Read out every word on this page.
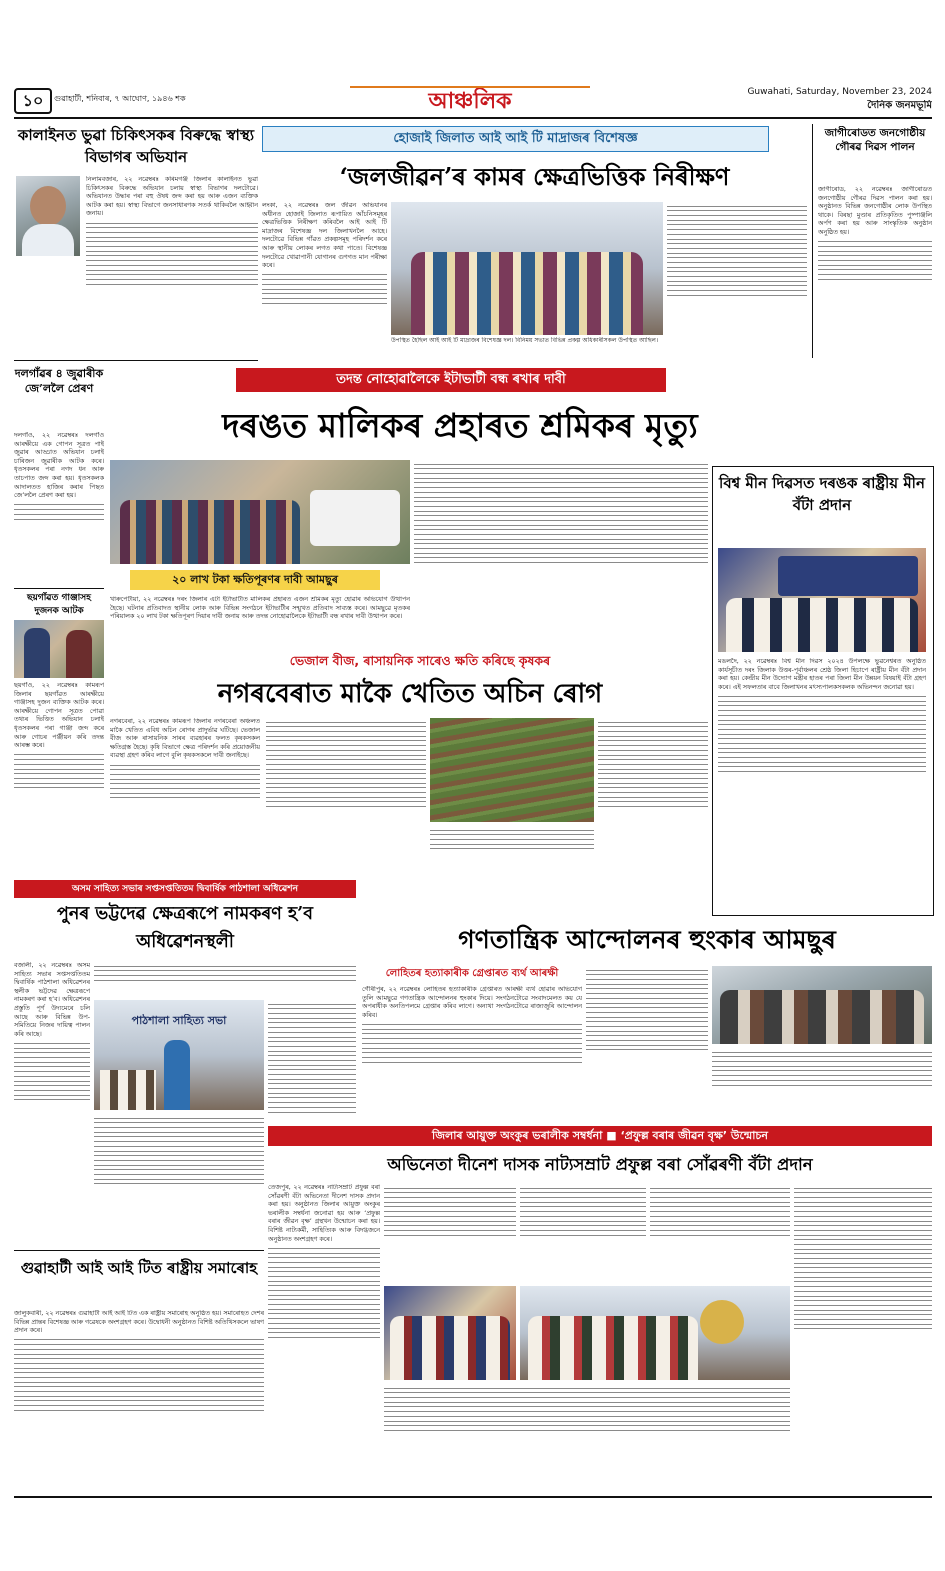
১০	গুৱাহাটী, শনিবাৰ, ৭ আঘোণ, ১৯৪৬ শক	আঞ্চলিক	Guwahati, Saturday, November 23, 2024
দৈনিক জনমভূমি
কালাইনত ভুৱা চিকিৎসকৰ বিৰুদ্ধে স্বাস্থ্য বিভাগৰ অভিযান
নিলামবজাৰ, ২২ নৱেম্বৰঃ কৰিমগঞ্জ জিলাৰ কালাইনত ভুৱা চিকিৎসকৰ বিৰুদ্ধে অভিযান চলায় স্বাস্থ্য বিভাগৰ দলটোৱে। অভিযানত উদ্ধাৰ পৰা বহু ঔষধ জব্দ কৰা হয় আৰু এজন ব্যক্তিক আটক কৰা হয়। স্বাস্থ্য বিভাগে জনসাধাৰণক সতৰ্ক থাকিবলৈ আহ্বান জনায়।
দলগাঁৱৰ ৪ জুৱাৰীক জে’ললৈ প্ৰেৰণ
দলগাঁও, ২২ নৱেম্বৰঃ দলগাঁও আৰক্ষীয়ে এক গোপন সূত্ৰত পাই জুৱাৰ আড্ডাত অভিযান চলাই চাৰিজন জুৱাৰীক আটক কৰে। ধৃতসকলৰ পৰা নগদ ধন আৰু তাচপাত জব্দ কৰা হয়। ধৃতসকলক আদালতত হাজিৰ কৰাৰ পিছত জে’ললৈ প্ৰেৰণ কৰা হয়।
ছয়গাঁৱত গাঞ্জাসহ দুজনক আটক
ছয়গাঁও, ২২ নৱেম্বৰঃ কামৰূপ জিলাৰ ছয়গাঁৱত আৰক্ষীয়ে গাঞ্জাসহ দুজন ব্যক্তিক আটক কৰে। আৰক্ষীয়ে গোপন সূত্ৰত পোৱা তথ্যৰ ভিত্তিত অভিযান চলাই ধৃতসকলৰ পৰা গাঞ্জা জব্দ কৰে আৰু গোচৰ পঞ্জীয়ন কৰি তদন্ত আৰম্ভ কৰে।
হোজাই জিলাত আই আই টি মাদ্ৰাজৰ বিশেষজ্ঞ
‘জলজীৱন’ৰ কামৰ ক্ষেত্ৰভিত্তিক নিৰীক্ষণ
লংকা, ২২ নৱেম্বৰঃ জল জীৱন অভিযানৰ অধীনত হোজাই জিলাত ৰূপায়িত আঁচনিসমূহৰ ক্ষেত্ৰভিত্তিক নিৰীক্ষণ কৰিবলৈ আই আই টি মাদ্ৰাজৰ বিশেষজ্ঞ দল জিলাখনলৈ আহে। দলটোৱে বিভিন্ন গাঁৱত প্ৰকল্পসমূহ পৰিদৰ্শন কৰে আৰু স্থানীয় লোকৰ লগত কথা পাতে। বিশেষজ্ঞ দলটোৱে খোৱাপানী যোগানৰ গুণগত মান পৰীক্ষা কৰে।
উপস্থিত হৈছিল আই আই টি মাদ্ৰাজৰ বিশেষজ্ঞ দল। বিনিময় সভাত বিভিন্ন প্ৰকল্প অধিকাৰীসকল উপস্থিত আছিল।
জাগীৰোডত জনগোষ্ঠীয় গৌৰৱ দিৱস পালন
জাগীৰোড, ২২ নৱেম্বৰঃ জাগীৰোডত জনগোষ্ঠীয় গৌৰৱ দিৱস পালন কৰা হয়। অনুষ্ঠানত বিভিন্ন জনগোষ্ঠীৰ লোক উপস্থিত থাকে। বিৰছা মুণ্ডাৰ প্ৰতিকৃতিত পুষ্পাঞ্জলি অৰ্পণ কৰা হয় আৰু সাংস্কৃতিক অনুষ্ঠান অনুষ্ঠিত হয়।
তদন্ত নোহোৱালৈকে ইটাভাটী বন্ধ ৰখাৰ দাবী
দৰঙত মালিকৰ প্ৰহাৰত শ্ৰমিকৰ মৃত্যু
২০ লাখ টকা ক্ষতিপূৰণৰ দাবী আমছুৰ
খাৰুপেটীয়া, ২২ নৱেম্বৰঃ দৰং জিলাৰ এটা ইটাভাটীত মালিকৰ প্ৰহাৰত এজন শ্ৰমিকৰ মৃত্যু হোৱাৰ অভিযোগ উত্থাপন হৈছে। ঘটনাৰ প্ৰতিবাদত স্থানীয় লোক আৰু বিভিন্ন সংগঠনে ইটাভাটীৰ সন্মুখত প্ৰতিবাদ সাব্যস্ত কৰে। আমছুৱে মৃতকৰ পৰিয়ালক ২০ লাখ টকা ক্ষতিপূৰণ দিয়াৰ দাবী জনায় আৰু তদন্ত নোহোৱালৈকে ইটাভাটী বন্ধ ৰখাৰ দাবী উত্থাপন কৰে।
বিশ্ব মীন দিৱসত দৰঙক ৰাষ্ট্ৰীয় মীন বঁটা প্ৰদান
মঙলদৈ, ২২ নৱেম্বৰঃ বিশ্ব মীন দিৱস ২০২৪ উপলক্ষে ভুৱনেশ্বৰত অনুষ্ঠিত কাৰ্যসূচীত দৰং জিলাক উত্তৰ-পূৰ্বাঞ্চলৰ শ্ৰেষ্ঠ জিলা হিচাপে ৰাষ্ট্ৰীয় মীন বঁটা প্ৰদান কৰা হয়। কেন্দ্ৰীয় মীন উদ্যোগ মন্ত্ৰীৰ হাতৰ পৰা জিলা মীন উন্নয়ন বিষয়াই বঁটা গ্ৰহণ কৰে। এই সফলতাৰ বাবে জিলাখনৰ মৎস্যপালকসকলক অভিনন্দন জনোৱা হয়।
ভেজাল বীজ, ৰাসায়নিক সাৰেও ক্ষতি কৰিছে কৃষকৰ
নগৰবেৰাত মাকৈ খেতিত অচিন ৰোগ
নগৰবেৰা, ২২ নৱেম্বৰঃ কামৰূপ জিলাৰ নগৰবেৰা অঞ্চলত মাকৈ খেতিত এবিধ অচিন ৰোগৰ প্ৰাদুৰ্ভাৱ ঘটিছে। ভেজাল বীজ আৰু ৰাসায়নিক সাৰৰ ব্যৱহাৰৰ ফলত কৃষকসকল ক্ষতিগ্ৰস্ত হৈছে। কৃষি বিভাগে ক্ষেত্ৰ পৰিদৰ্শন কৰি প্ৰয়োজনীয় ব্যৱস্থা গ্ৰহণ কৰিব লাগে বুলি কৃষকসকলে দাবী জনাইছে।
অসম সাহিত্য সভাৰ সপ্তসপ্ততিতম দ্বিবাৰ্ষিক পাঠশালা অধিৱেশন
পুনৰ ভট্টদেৱ ক্ষেত্ৰৰূপে নামকৰণ হ’ব অধিৱেশনস্থলী
বজালী, ২২ নৱেম্বৰঃ অসম সাহিত্য সভাৰ সপ্তসপ্ততিতম দ্বিবাৰ্ষিক পাঠশালা অধিৱেশনৰ স্থলীক ভট্টদেৱ ক্ষেত্ৰৰূপে নামকৰণ কৰা হ’ব। অধিৱেশনৰ প্ৰস্তুতি পূৰ্ণ উদ্যমেৰে চলি আছে আৰু বিভিন্ন উপ-সমিতিয়ে নিজৰ দায়িত্ব পালন কৰি আছে।
পাঠশালা সাহিত্য সভা
গণতান্ত্ৰিক আন্দোলনৰ হুংকাৰ আমছুৰ
লোহিতৰ হত্যাকাৰীক গ্ৰেপ্তাৰত ব্যৰ্থ আৰক্ষী
গৌৰীপুৰ, ২২ নৱেম্বৰঃ লোহিতৰ হত্যাকাৰীক গ্ৰেপ্তাৰত আৰক্ষী ব্যৰ্থ হোৱাৰ অভিযোগ তুলি আমছুৱে গণতান্ত্ৰিক আন্দোলনৰ হুংকাৰ দিয়ে। সংগঠনটোৱে সংবাদমেলত কয় যে অপৰাধীক অনতিপলমে গ্ৰেপ্তাৰ কৰিব লাগে। অন্যথা সংগঠনটোৱে ৰাজ্যজুৰি আন্দোলন কৰিব।
গুৱাহাটী আই আই টিত ৰাষ্ট্ৰীয় সমাৰোহ
জালুকবাৰী, ২২ নৱেম্বৰঃ গুৱাহাটী আই আই টিত এক ৰাষ্ট্ৰীয় সমাৰোহ অনুষ্ঠিত হয়। সমাৰোহত দেশৰ বিভিন্ন প্ৰান্তৰ বিশেষজ্ঞ আৰু গৱেষকে অংশগ্ৰহণ কৰে। উদ্বোধনী অনুষ্ঠানত বিশিষ্ট অতিথিসকলে ভাষণ প্ৰদান কৰে।
জিলাৰ আয়ুক্ত অংকুৰ ভৰালীক সম্বৰ্ধনা ■ ‘প্ৰফুল্ল বৰাৰ জীৱন বৃক্ষ’ উন্মোচন
অভিনেতা দীনেশ দাসক নাট্যসম্ৰাট প্ৰফুল্ল বৰা সোঁৱৰণী বঁটা প্ৰদান
তেজপুৰ, ২২ নৱেম্বৰঃ নাট্যসম্ৰাট প্ৰফুল্ল বৰা সোঁৱৰণী বঁটা অভিনেতা দীনেশ দাসক প্ৰদান কৰা হয়। অনুষ্ঠানত জিলাৰ আয়ুক্ত অংকুৰ ভৰালীক সম্বৰ্ধনা জনোৱা হয় আৰু ‘প্ৰফুল্ল বৰাৰ জীৱন বৃক্ষ’ গ্ৰন্থখন উন্মোচন কৰা হয়। বিশিষ্ট নাট্যকৰ্মী, সাহিত্যিক আৰু বিদগ্ধজনে অনুষ্ঠানত অংশগ্ৰহণ কৰে।
